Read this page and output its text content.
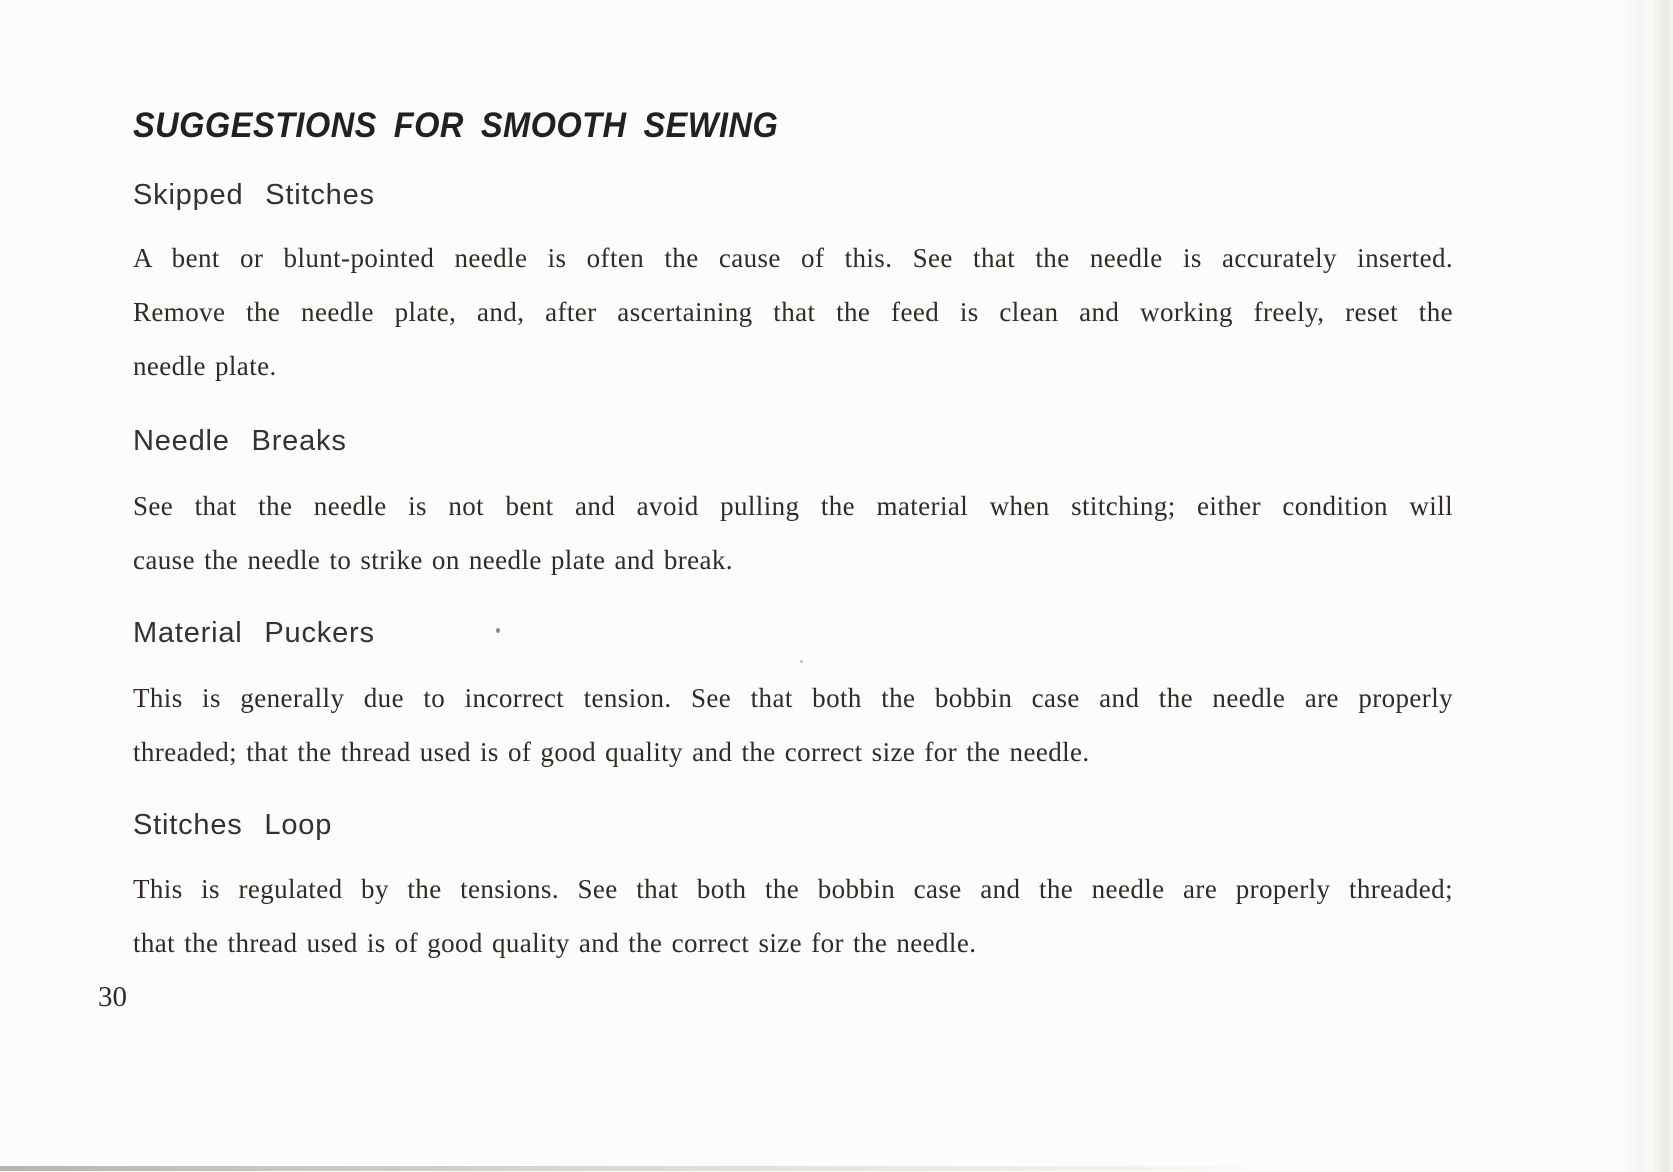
SUGGESTIONS FOR SMOOTH SEWING
Skipped Stitches
A bent or blunt-pointed needle is often the cause of this. See that the needle is accurately inserted.
Remove the needle plate, and, after ascertaining that the feed is clean and working freely, reset the
needle plate.
Needle Breaks
See that the needle is not bent and avoid pulling the material when stitching; either condition will
cause the needle to strike on needle plate and break.
Material Puckers
This is generally due to incorrect tension. See that both the bobbin case and the needle are properly
threaded; that the thread used is of good quality and the correct size for the needle.
Stitches Loop
This is regulated by the tensions. See that both the bobbin case and the needle are properly threaded;
that the thread used is of good quality and the correct size for the needle.
30
